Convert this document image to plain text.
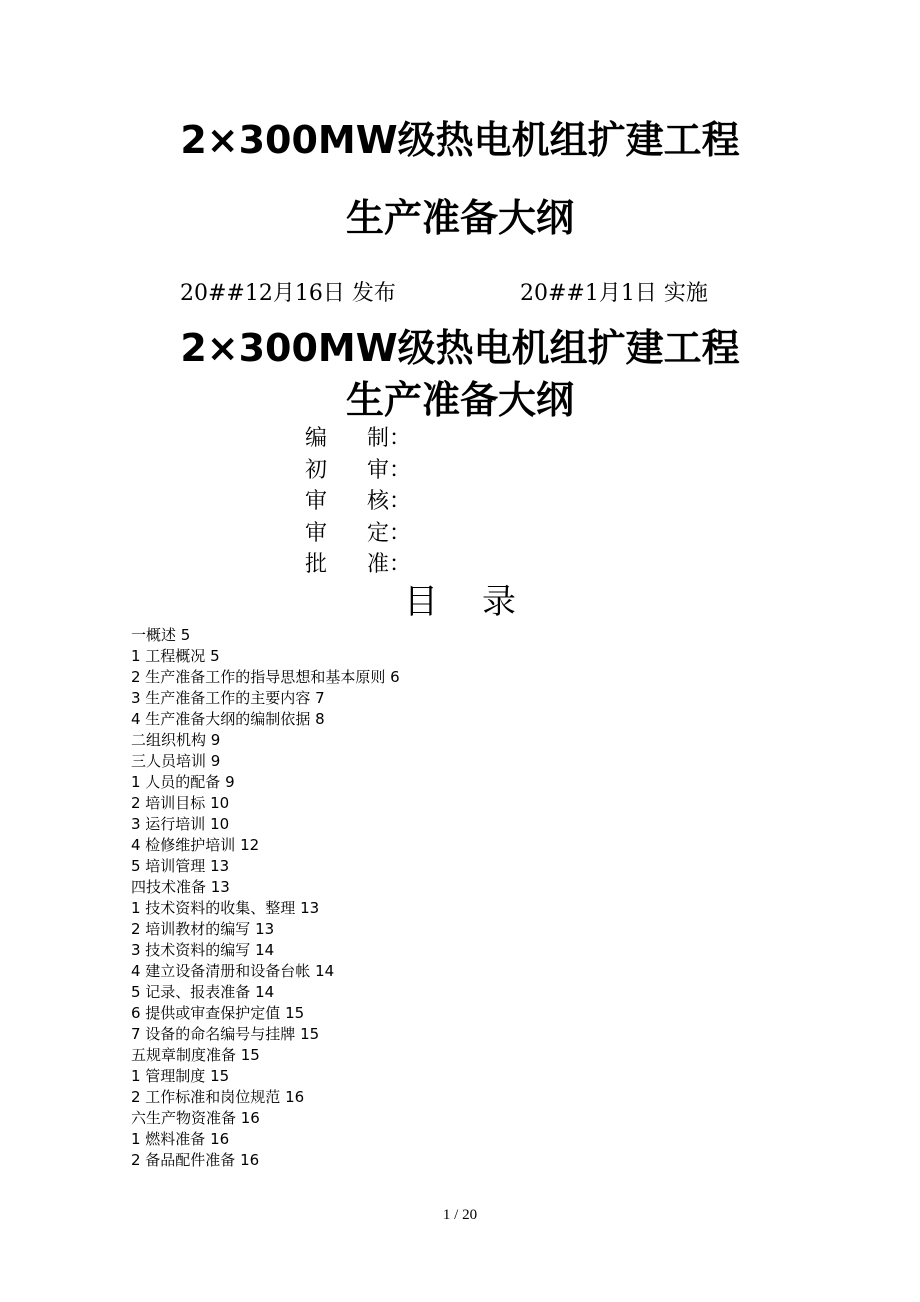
2×300MW级热电机组扩建工程
生产准备大纲
20##12月16日 发布	20##1月1日 实施
2×300MW级热电机组扩建工程
生产准备大纲
编 制：
初 审：
审 核：
审 定：
批 准：
目 录
一概述 5
1 工程概况 5
2 生产准备工作的指导思想和基本原则 6
3 生产准备工作的主要内容 7
4 生产准备大纲的编制依据 8
二组织机构 9
三人员培训 9
1 人员的配备 9
2 培训目标 10
3 运行培训 10
4 检修维护培训 12
5 培训管理 13
四技术准备 13
1 技术资料的收集、整理 13
2 培训教材的编写 13
3 技术资料的编写 14
4 建立设备清册和设备台帐 14
5 记录、报表准备 14
6 提供或审查保护定值 15
7 设备的命名编号与挂牌 15
五规章制度准备 15
1 管理制度 15
2 工作标准和岗位规范 16
六生产物资准备 16
1 燃料准备 16
2 备品配件准备 16
1 / 20
